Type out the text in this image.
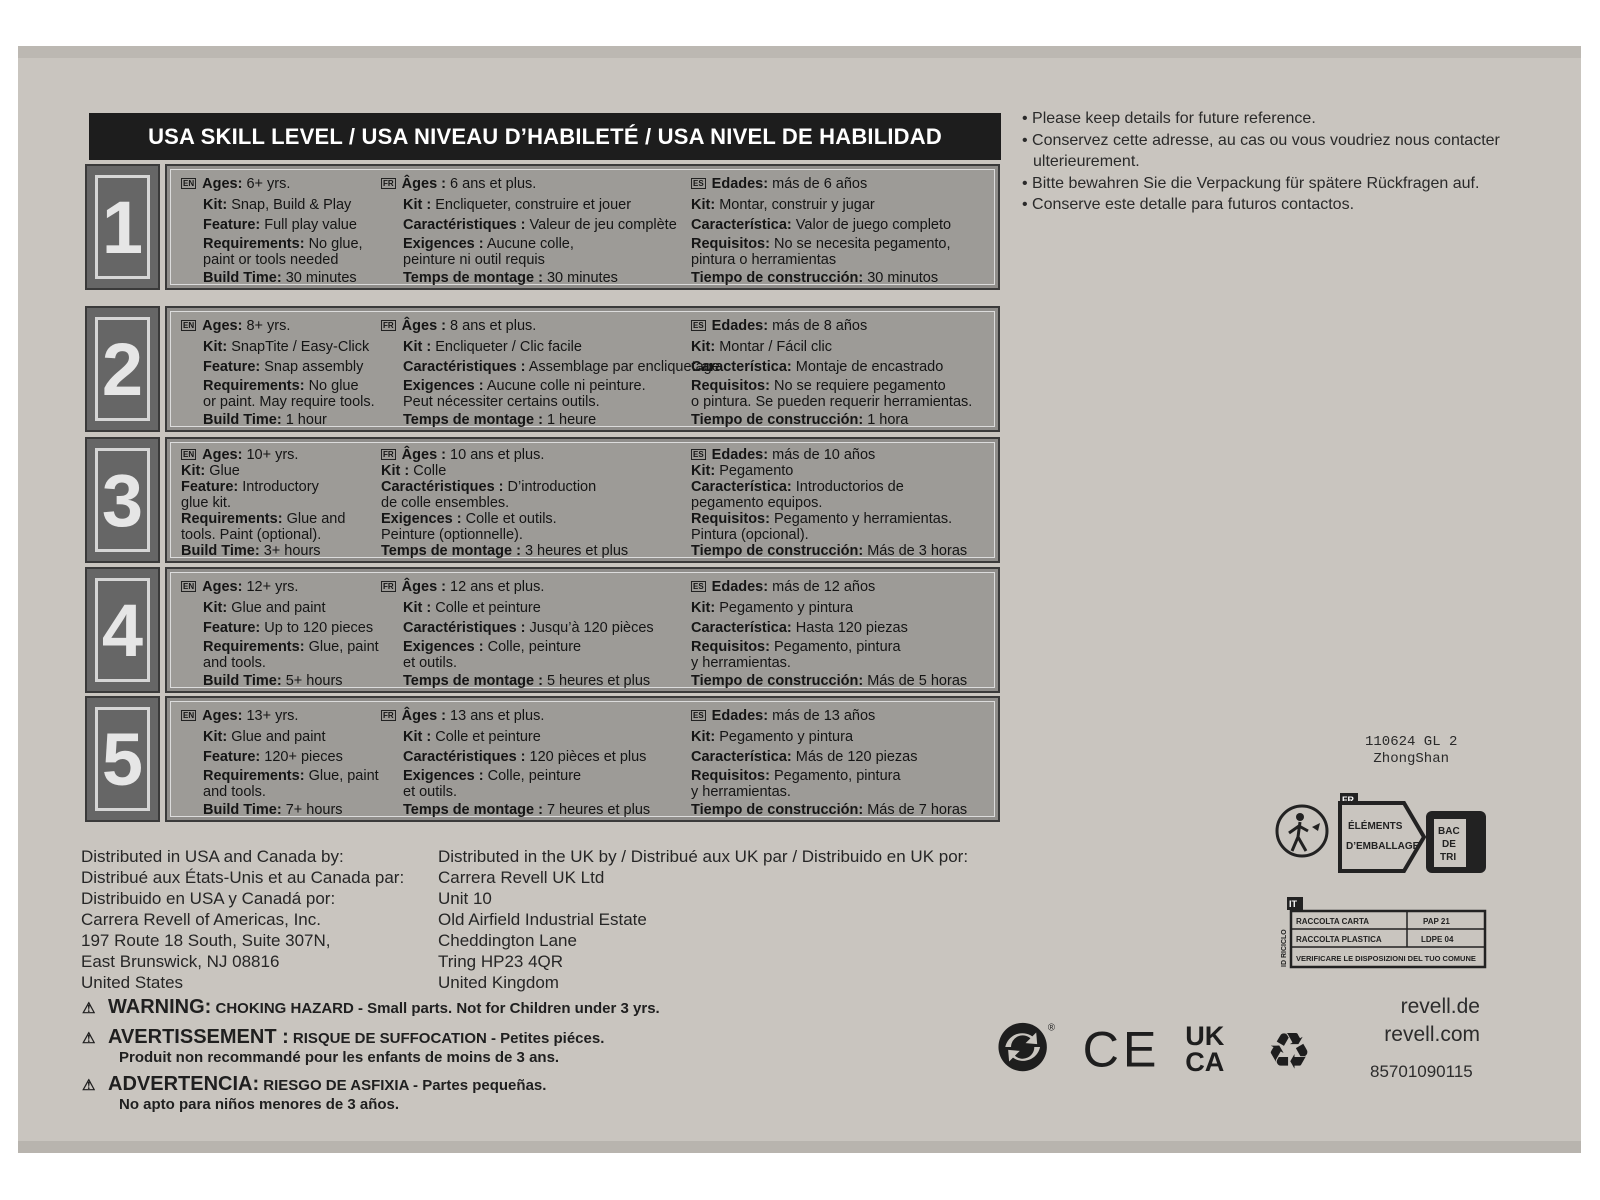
USA SKILL LEVEL / USA NIVEAU D’HABILETÉ / USA NIVEL DE HABILIDAD
1
EN Ages: 6+ yrs.
Kit: Snap, Build & Play
Feature: Full play value
Requirements: No glue,
paint or tools needed
Build Time: 30 minutes
FR Âges : 6 ans et plus.
Kit : Encliqueter, construire et jouer
Caractéristiques : Valeur de jeu complète
Exigences : Aucune colle,
peinture ni outil requis
Temps de montage : 30 minutes
ES Edades: más de 6 años
Kit: Montar, construir y jugar
Característica: Valor de juego completo
Requisitos: No se necesita pegamento,
pintura o herramientas
Tiempo de construcción: 30 minutos
2
EN Ages: 8+ yrs.
Kit: SnapTite / Easy-Click
Feature: Snap assembly
Requirements: No glue
or paint. May require tools.
Build Time: 1 hour
FR Âges : 8 ans et plus.
Kit : Encliqueter / Clic facile
Caractéristiques : Assemblage par encliquetage
Exigences : Aucune colle ni peinture.
Peut nécessiter certains outils.
Temps de montage : 1 heure
ES Edades: más de 8 años
Kit: Montar / Fácil clic
Característica: Montaje de encastrado
Requisitos: No se requiere pegamento
o pintura. Se pueden requerir herramientas.
Tiempo de construcción: 1 hora
3
EN Ages: 10+ yrs.
Kit: Glue
Feature: Introductory
glue kit.
Requirements: Glue and
tools. Paint (optional).
Build Time: 3+ hours
FR Âges : 10 ans et plus.
Kit : Colle
Caractéristiques : D’introduction
de colle ensembles.
Exigences : Colle et outils.
Peinture (optionnelle).
Temps de montage : 3 heures et plus
ES Edades: más de 10 años
Kit: Pegamento
Característica: Introductorios de
pegamento equipos.
Requisitos: Pegamento y herramientas.
Pintura (opcional).
Tiempo de construcción: Más de 3 horas
4
EN Ages: 12+ yrs.
Kit: Glue and paint
Feature: Up to 120 pieces
Requirements: Glue, paint
and tools.
Build Time: 5+ hours
FR Âges : 12 ans et plus.
Kit : Colle et peinture
Caractéristiques : Jusqu’à 120 pièces
Exigences : Colle, peinture
et outils.
Temps de montage : 5 heures et plus
ES Edades: más de 12 años
Kit: Pegamento y pintura
Característica: Hasta 120 piezas
Requisitos: Pegamento, pintura
y herramientas.
Tiempo de construcción: Más de 5 horas
5
EN Ages: 13+ yrs.
Kit: Glue and paint
Feature: 120+ pieces
Requirements: Glue, paint
and tools.
Build Time: 7+ hours
FR Âges : 13 ans et plus.
Kit : Colle et peinture
Caractéristiques : 120 pièces et plus
Exigences : Colle, peinture
et outils.
Temps de montage : 7 heures et plus
ES Edades: más de 13 años
Kit: Pegamento y pintura
Característica: Más de 120 piezas
Requisitos: Pegamento, pintura
y herramientas.
Tiempo de construcción: Más de 7 horas
• Please keep details for future reference.
• Conservez cette adresse, au cas ou vous voudriez nous contacter
ulterieurement.
• Bitte bewahren Sie die Verpackung für spätere Rückfragen auf.
• Conserve este detalle para futuros contactos.
Distributed in USA and Canada by:
Distribué aux États-Unis et au Canada par:
Distribuido en USA y Canadá por:
Carrera Revell of Americas, Inc.
197 Route 18 South, Suite 307N,
East Brunswick, NJ 08816
United States
Distributed in the UK by / Distribué aux UK par / Distribuido en UK por:
Carrera Revell UK Ltd
Unit 10
Old Airfield Industrial Estate
Cheddington Lane
Tring HP23 4QR
United Kingdom
⚠ WARNING: CHOKING HAZARD - Small parts. Not for Children under 3 yrs.
⚠ AVERTISSEMENT : RISQUE DE SUFFOCATION - Petites piéces.
Produit non recommandé pour les enfants de moins de 3 ans.
⚠ ADVERTENCIA: RIESGO DE ASFIXIA - Partes pequeñas.
No apto para niños menores de 3 años.
110624 GL 2
ZhongShan
FR
ÉLÉMENTS
D’EMBALLAGE
BAC
DE
TRI
IT
ID RICICLO
RACCOLTA CARTA	PAP 21
RACCOLTA PLASTICA	LDPE 04
VERIFICARE LE DISPOSIZIONI DEL TUO COMUNE
® CE UK
CA ♻
revell.de
revell.com
85701090115
